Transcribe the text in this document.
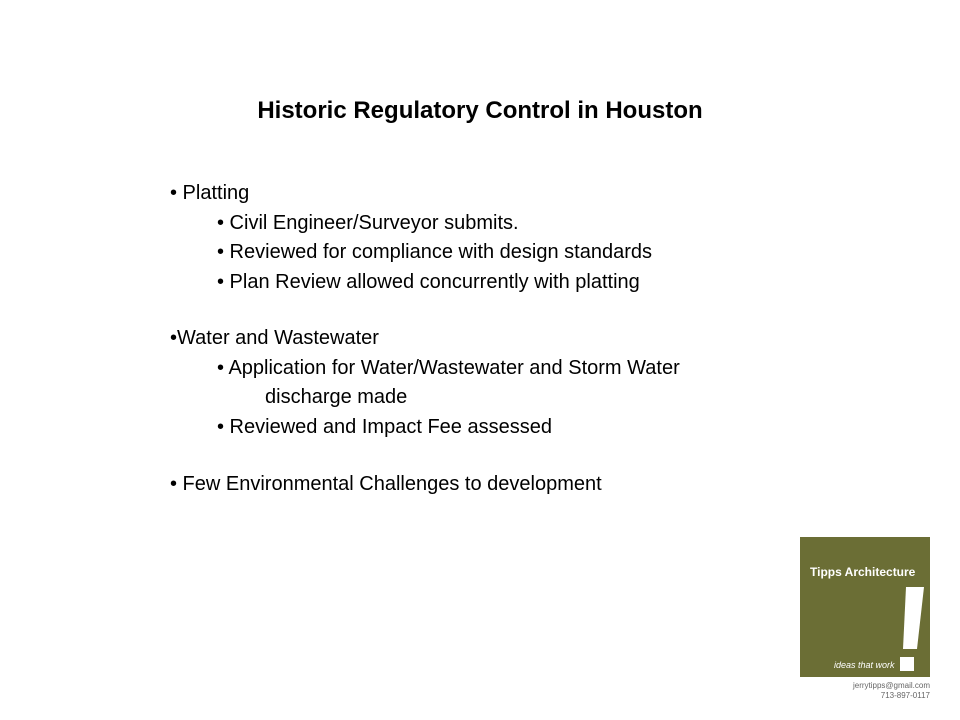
Historic Regulatory Control in Houston
• Platting
• Civil Engineer/Surveyor submits.
• Reviewed for compliance with design standards
• Plan Review allowed concurrently with platting
•Water and Wastewater
• Application for Water/Wastewater and Storm Water
discharge made
• Reviewed and Impact Fee assessed
• Few Environmental Challenges to development
Tipps Architecture
ideas that work
jerrytipps@gmail.com
713-897-0117
